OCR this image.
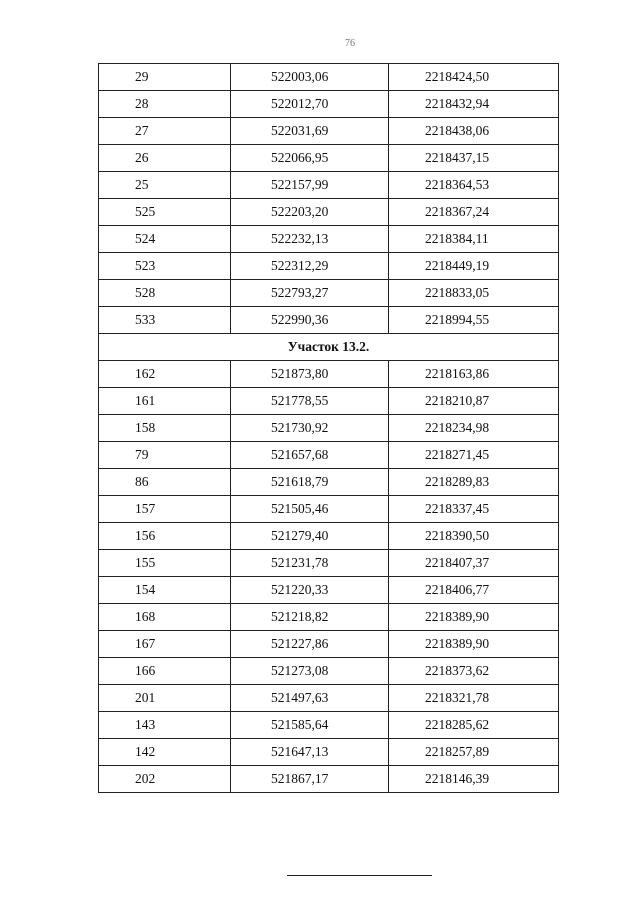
76
29	522003,06	2218424,50
28	522012,70	2218432,94
27	522031,69	2218438,06
26	522066,95	2218437,15
25	522157,99	2218364,53
525	522203,20	2218367,24
524	522232,13	2218384,11
523	522312,29	2218449,19
528	522793,27	2218833,05
533	522990,36	2218994,55
Участок 13.2.		
162	521873,80	2218163,86
161	521778,55	2218210,87
158	521730,92	2218234,98
79	521657,68	2218271,45
86	521618,79	2218289,83
157	521505,46	2218337,45
156	521279,40	2218390,50
155	521231,78	2218407,37
154	521220,33	2218406,77
168	521218,82	2218389,90
167	521227,86	2218389,90
166	521273,08	2218373,62
201	521497,63	2218321,78
143	521585,64	2218285,62
142	521647,13	2218257,89
202	521867,17	2218146,39
